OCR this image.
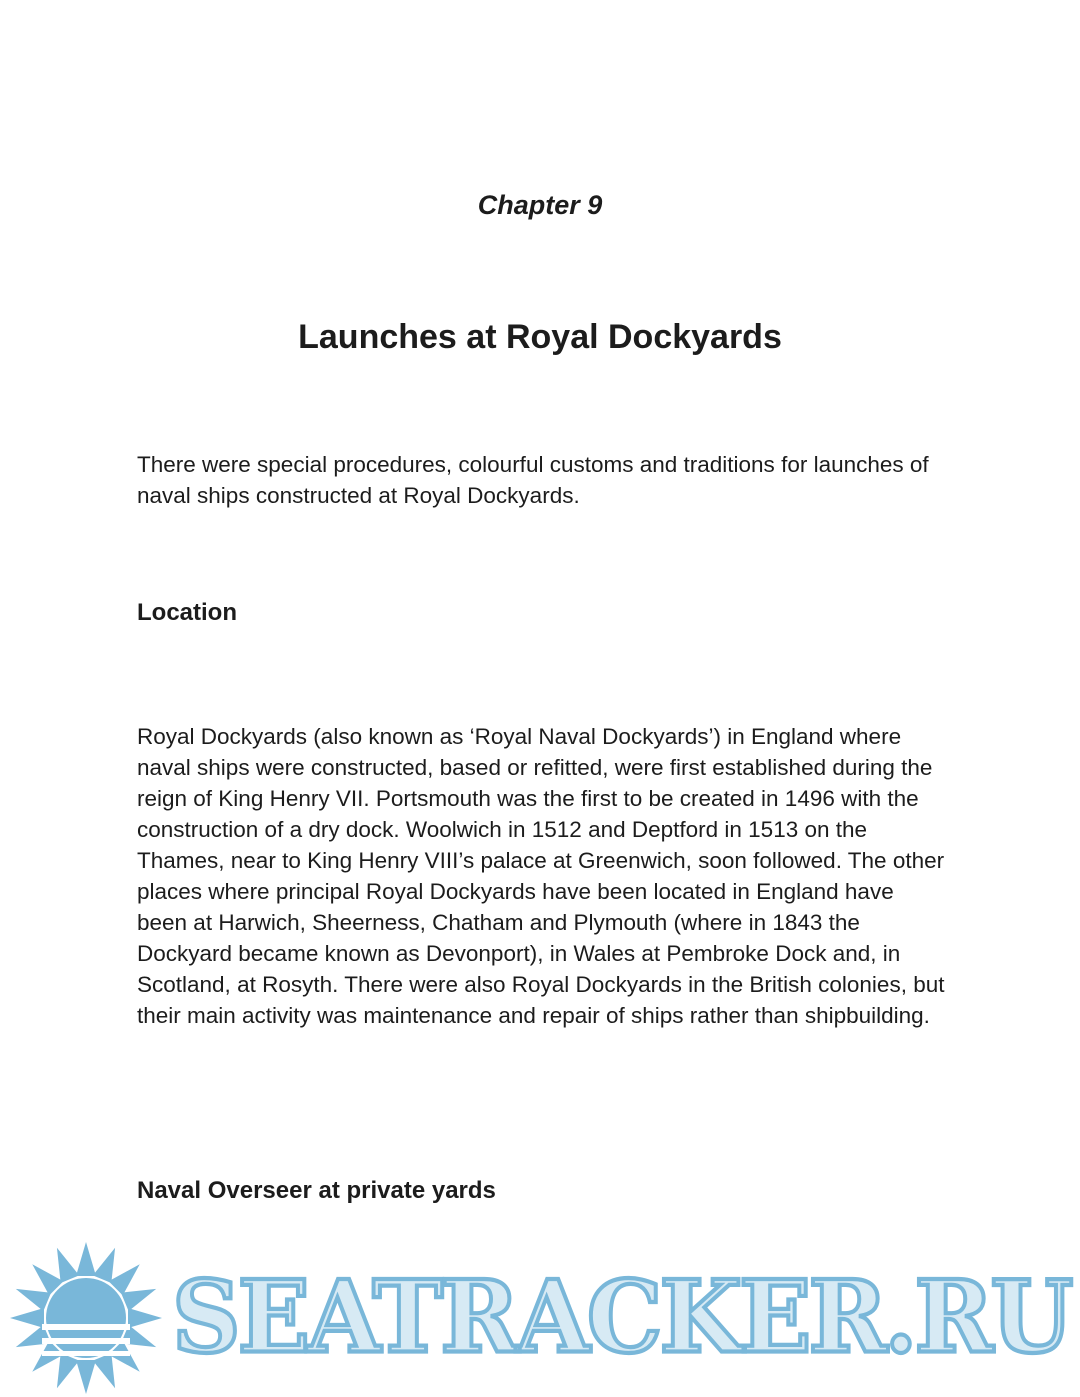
Chapter 9
Launches at Royal Dockyards
There were special procedures, colourful customs and traditions for launches of naval ships constructed at Royal Dockyards.
Location
Royal Dockyards (also known as ‘Royal Naval Dockyards’) in England where naval ships were constructed, based or refitted, were first established during the reign of King Henry VII. Portsmouth was the first to be created in 1496 with the construction of a dry dock. Woolwich in 1512 and Deptford in 1513 on the Thames, near to King Henry VIII’s palace at Greenwich, soon followed. The other places where principal Royal Dockyards have been located in England have been at Harwich, Sheerness, Chatham and Plymouth (where in 1843 the Dockyard became known as Devonport), in Wales at Pembroke Dock and, in Scotland, at Rosyth. There were also Royal Dockyards in the British colonies, but their main activity was maintenance and repair of ships rather than shipbuilding.
Naval Overseer at private yards
SEATRACKER.RU
